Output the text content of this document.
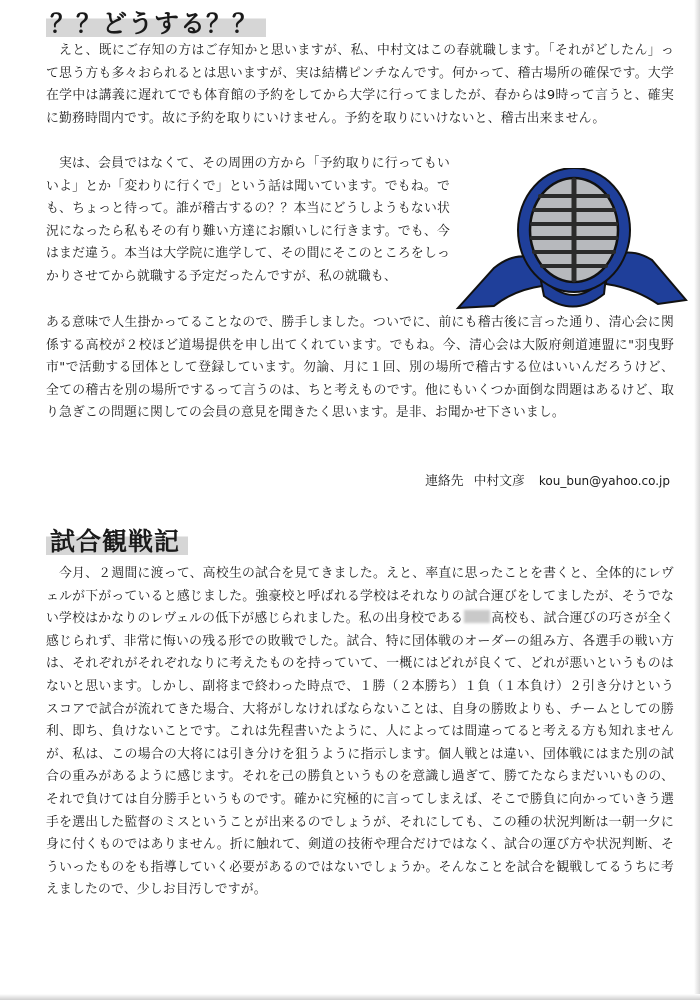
？？どうする？？

えと、既にご存知の方はご存知かと思いますが、私、中村文はこの春就職します。「それがどしたん」って思う方も多々おられるとは思いますが、実は結構ピンチなんです。何かって、稽古場所の確保です。大学在学中は講義に遅れてでも体育館の予約をしてから大学に行ってましたが、春からは9時って言うと、確実に勤務時間内です。故に予約を取りにいけません。予約を取りにいけないと、稽古出来ません。

実は、会員ではなくて、その周囲の方から「予約取りに行ってもいいよ」とか「変わりに行くで」という話は聞いています。でもね。でも、ちょっと待って。誰が稽古するの？？本当にどうしようもない状況になったら私もその有り難い方達にお願いしに行きます。でも、今はまだ違う。本当は大学院に進学して、その間にそこのところをしっかりさせてから就職する予定だったんですが、私の就職も、

ある意味で人生掛かってることなので、勝手しました。ついでに、前にも稽古後に言った通り、清心会に関係する高校が２校ほど道場提供を申し出てくれています。でもね。今、清心会は大阪府剣道連盟に"羽曳野市"で活動する団体として登録しています。勿論、月に１回、別の場所で稽古する位はいいんだろうけど、全ての稽古を別の場所でするって言うのは、ちと考えものです。他にもいくつか面倒な問題はあるけど、取り急ぎこの問題に関しての会員の意見を聞きたく思います。是非、お聞かせ下さいまし。

連絡先 中村文彦 kou_bun@yahoo.co.jp
試合観戦記

今月、２週間に渡って、高校生の試合を見てきました。えと、率直に思ったことを書くと、全体的にレヴェルが下がっていると感じました。強豪校と呼ばれる学校はそれなりの試合運びをしてましたが、そうでない学校はかなりのレヴェルの低下が感じられました。私の出身校である 高校も、試合運びの巧さが全く感じられず、非常に悔いの残る形での敗戦でした。試合、特に団体戦のオーダーの組み方、各選手の戦い方は、それぞれがそれぞれなりに考えたものを持っていて、一概にはどれが良くて、どれが悪いというものはないと思います。しかし、副将まで終わった時点で、１勝（２本勝ち）１負（１本負け）２引き分けというスコアで試合が流れてきた場合、大将がしなければならないことは、自身の勝敗よりも、チームとしての勝利、即ち、負けないことです。これは先程書いたように、人によっては間違ってると考える方も知れませんが、私は、この場合の大将には引き分けを狙うように指示します。個人戦とは違い、団体戦にはまた別の試合の重みがあるように感じます。それを己の勝負というものを意識し過ぎて、勝てたならまだいいものの、それで負けては自分勝手というものです。確かに究極的に言ってしまえば、そこで勝負に向かっていきう選手を選出した監督のミスということが出来るのでしょうが、それにしても、この種の状況判断は一朝一夕に身に付くものではありません。折に触れて、剣道の技術や理合だけではなく、試合の運び方や状況判断、そういったものをも指導していく必要があるのではないでしょうか。そんなことを試合を観戦してるうちに考えましたので、少しお目汚しですが。
